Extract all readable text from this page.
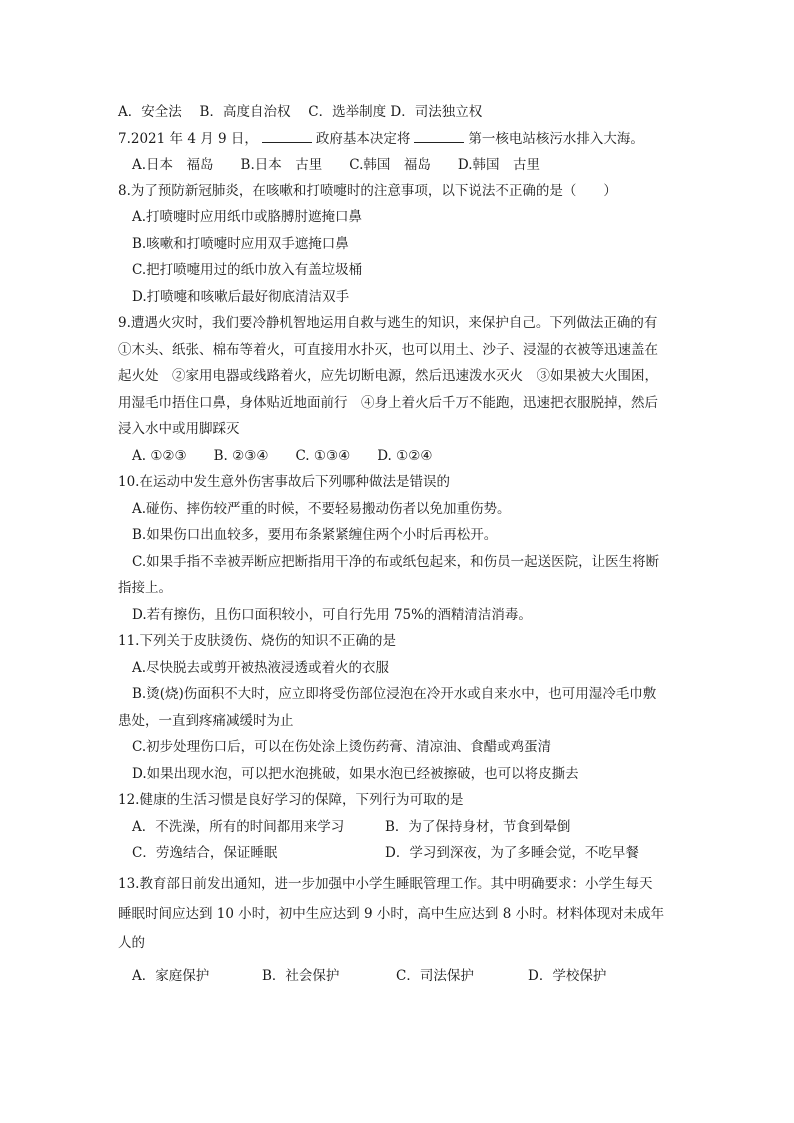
A．安全法　 B．高度自治权　 C．选举制度 D．司法独立权
7.2021 年 4 月 9 日，	政府基本决定将	第一核电站核污水排入大海。
A.日本　福岛　　B.日本　古里　　C.韩国　福岛　　D.韩国　古里
8.为了预防新冠肺炎，在咳嗽和打喷嚏时的注意事项，以下说法不正确的是（　　）
A.打喷嚏时应用纸巾或胳膊肘遮掩口鼻
B.咳嗽和打喷嚏时应用双手遮掩口鼻
C.把打喷嚏用过的纸巾放入有盖垃圾桶
D.打喷嚏和咳嗽后最好彻底清洁双手
9.遭遇火灾时，我们要冷静机智地运用自救与逃生的知识，来保护自己。下列做法正确的有
①木头、纸张、棉布等着火，可直接用水扑灭，也可以用土、沙子、浸湿的衣被等迅速盖在
起火处　②家用电器或线路着火，应先切断电源，然后迅速泼水灭火　③如果被大火围困，
用湿毛巾捂住口鼻，身体贴近地面前行　④身上着火后千万不能跑，迅速把衣服脱掉，然后
浸入水中或用脚踩灭
A. ①②③　　B. ②③④　　C. ①③④　　D. ①②④
10.在运动中发生意外伤害事故后下列哪种做法是错误的
A.碰伤、摔伤较严重的时候，不要轻易搬动伤者以免加重伤势。
B.如果伤口出血较多，要用布条紧紧缠住两个小时后再松开。
C.如果手指不幸被弄断应把断指用干净的布或纸包起来，和伤员一起送医院，让医生将断
指接上。
D.若有擦伤，且伤口面积较小，可自行先用 75%的酒精清洁消毒。
11.下列关于皮肤烫伤、烧伤的知识不正确的是
A.尽快脱去或剪开被热液浸透或着火的衣服
B.烫(烧)伤面积不大时，应立即将受伤部位浸泡在冷开水或自来水中，也可用湿冷毛巾敷
患处，一直到疼痛减缓时为止
C.初步处理伤口后，可以在伤处涂上烫伤药膏、清凉油、食醋或鸡蛋清
D.如果出现水泡，可以把水泡挑破，如果水泡已经被擦破，也可以将皮撕去
12.健康的生活习惯是良好学习的保障，下列行为可取的是
A．不洗澡，所有的时间都用来学习	B．为了保持身材，节食到晕倒
C．劳逸结合，保证睡眠	D．学习到深夜，为了多睡会觉，不吃早餐
13.教育部日前发出通知，进一步加强中小学生睡眠管理工作。其中明确要求：小学生每天
睡眠时间应达到 10 小时，初中生应达到 9 小时，高中生应达到 8 小时。材料体现对未成年
人的
A．家庭保护	B．社会保护	C．司法保护	D．学校保护
